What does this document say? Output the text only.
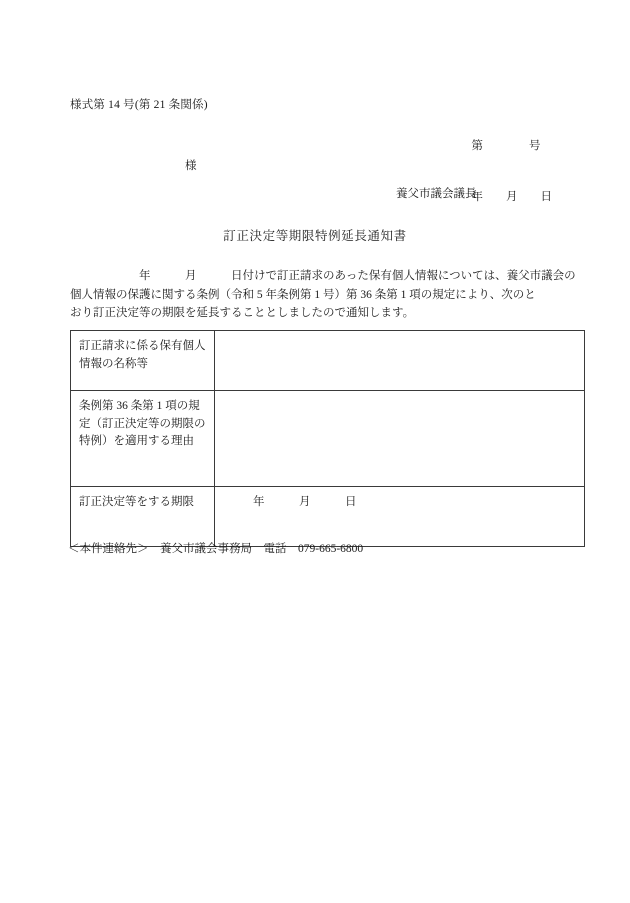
様式第 14 号(第 21 条関係)

第　　　　号

年　　月　　日

様
養父市議会議長
訂正決定等期限特例延長通知書
　　　　　　年　　　月　　　日付けで訂正請求のあった保有個人情報については、養父市議会の
個人情報の保護に関する条例（令和 5 年条例第 1 号）第 36 条第 1 項の規定により、次のと
おり訂正決定等の期限を延長することとしましたので通知します。
訂正請求に係る保有個人情報の名称等	
条例第 36 条第 1 項の規定（訂正決定等の期限の特例）を適用する理由	
訂正決定等をする期限	年　　　月　　　日
＜本件連絡先＞　養父市議会事務局　電話　079-665-6800
